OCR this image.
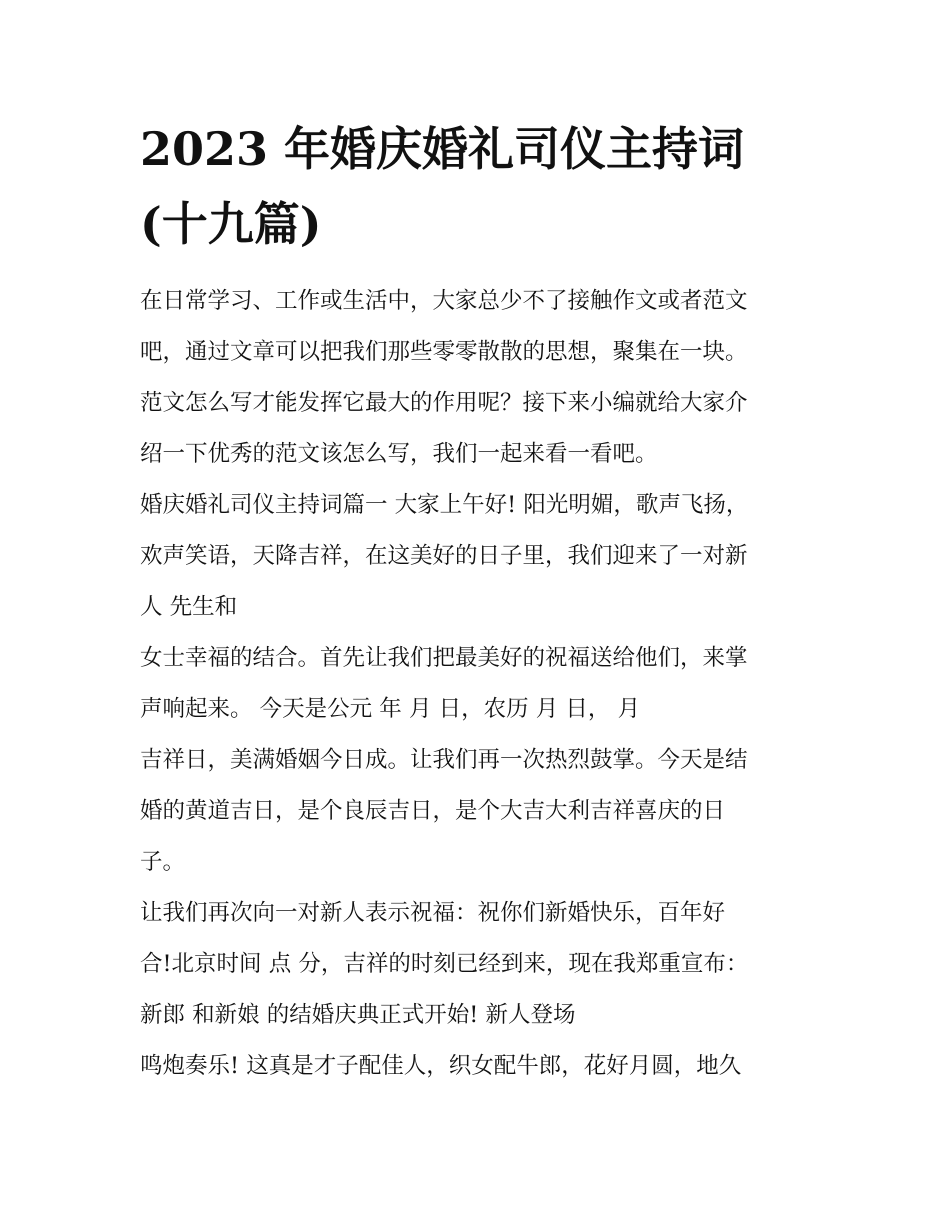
2023 年婚庆婚礼司仪主持词
(十九篇)
在日常学习、工作或生活中，大家总少不了接触作文或者范文
吧，通过文章可以把我们那些零零散散的思想，聚集在一块。
范文怎么写才能发挥它最大的作用呢？接下来小编就给大家介
绍一下优秀的范文该怎么写，我们一起来看一看吧。
婚庆婚礼司仪主持词篇一 大家上午好! 阳光明媚，歌声飞扬，
欢声笑语，天降吉祥，在这美好的日子里，我们迎来了一对新
人 先生和
女士幸福的结合。首先让我们把最美好的祝福送给他们，来掌
声响起来。 今天是公元 年 月 日，农历 月 日， 月
吉祥日，美满婚姻今日成。让我们再一次热烈鼓掌。今天是结
婚的黄道吉日，是个良辰吉日，是个大吉大利吉祥喜庆的日
子。
让我们再次向一对新人表示祝福：祝你们新婚快乐，百年好
合!北京时间 点 分，吉祥的时刻已经到来，现在我郑重宣布：
新郎 和新娘 的结婚庆典正式开始! 新人登场
鸣炮奏乐! 这真是才子配佳人，织女配牛郎，花好月圆，地久
